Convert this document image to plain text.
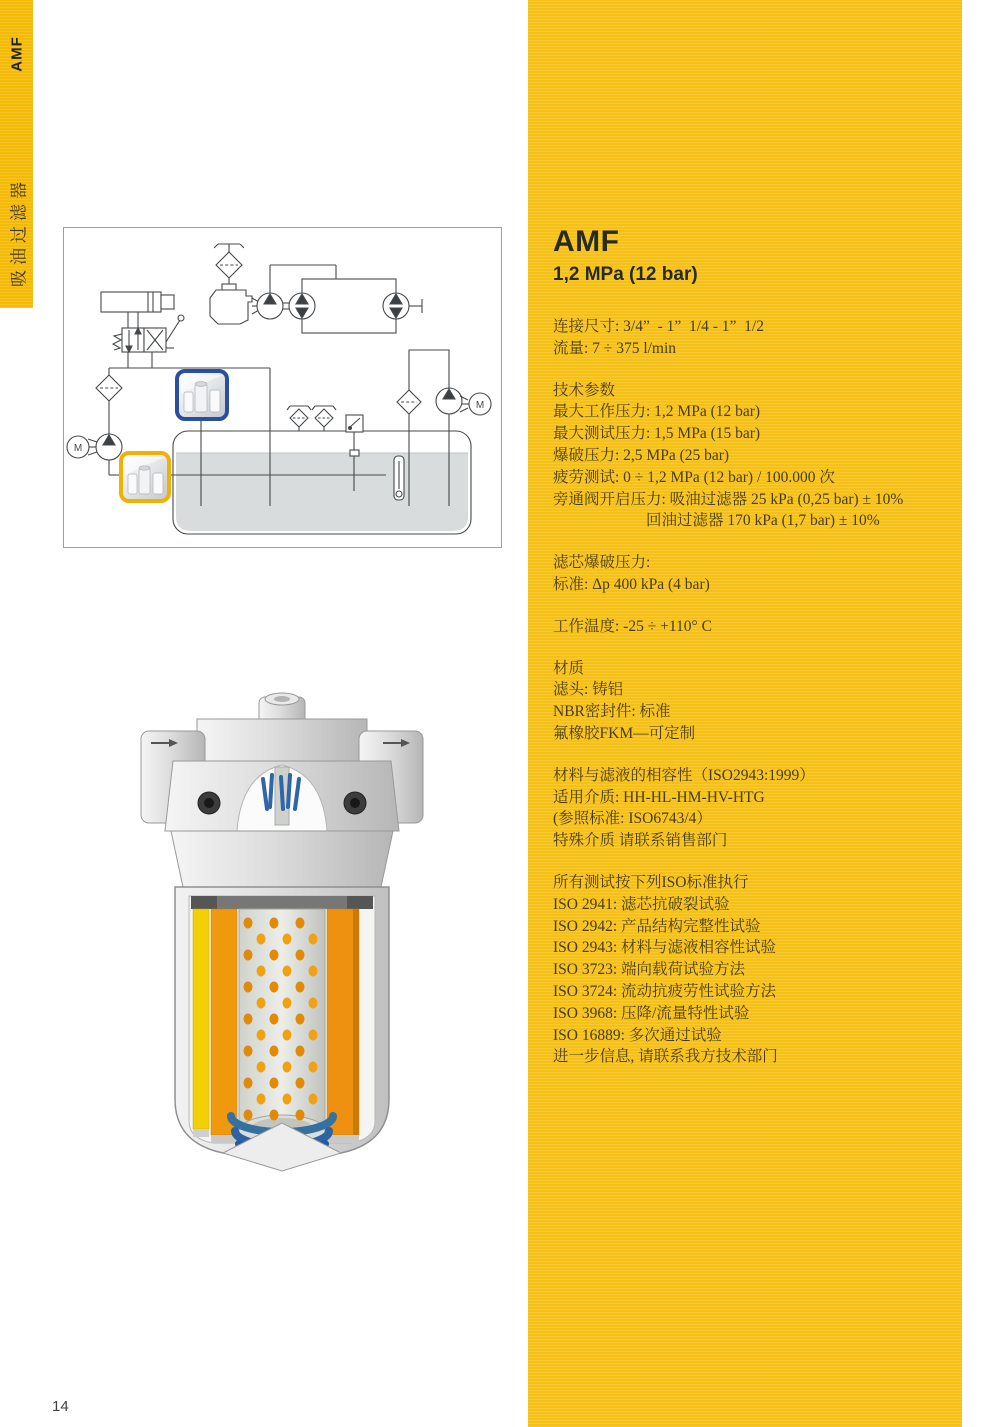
AMF
吸油过滤器
M
M
14
AMF
1,2 MPa (12 bar)
连接尺寸: 3/4”  - 1”  1/4 - 1”  1/2
流量: 7 ÷ 375 l/min
技术参数
最大工作压力: 1,2 MPa (12 bar)
最大测试压力: 1,5 MPa (15 bar)
爆破压力: 2,5 MPa (25 bar)
疲劳测试: 0 ÷ 1,2 MPa (12 bar) / 100.000 次
旁通阀开启压力: 吸油过滤器 25 kPa (0,25 bar) ± 10%
回油过滤器 170 kPa (1,7 bar) ± 10%
滤芯爆破压力:
标准: Δp 400 kPa (4 bar)
工作温度: -25 ÷ +110° C
材质
滤头: 铸铝
NBR密封件: 标准
氟橡胶FKM—可定制
材料与滤液的相容性（ISO2943:1999）
适用介质: HH-HL-HM-HV-HTG
(参照标准: ISO6743/4）
特殊介质 请联系销售部门
所有测试按下列ISO标准执行
ISO 2941: 滤芯抗破裂试验
ISO 2942: 产品结构完整性试验
ISO 2943: 材料与滤液相容性试验
ISO 3723: 端向载荷试验方法
ISO 3724: 流动抗疲劳性试验方法
ISO 3968: 压降/流量特性试验
ISO 16889: 多次通过试验
进一步信息, 请联系我方技术部门
